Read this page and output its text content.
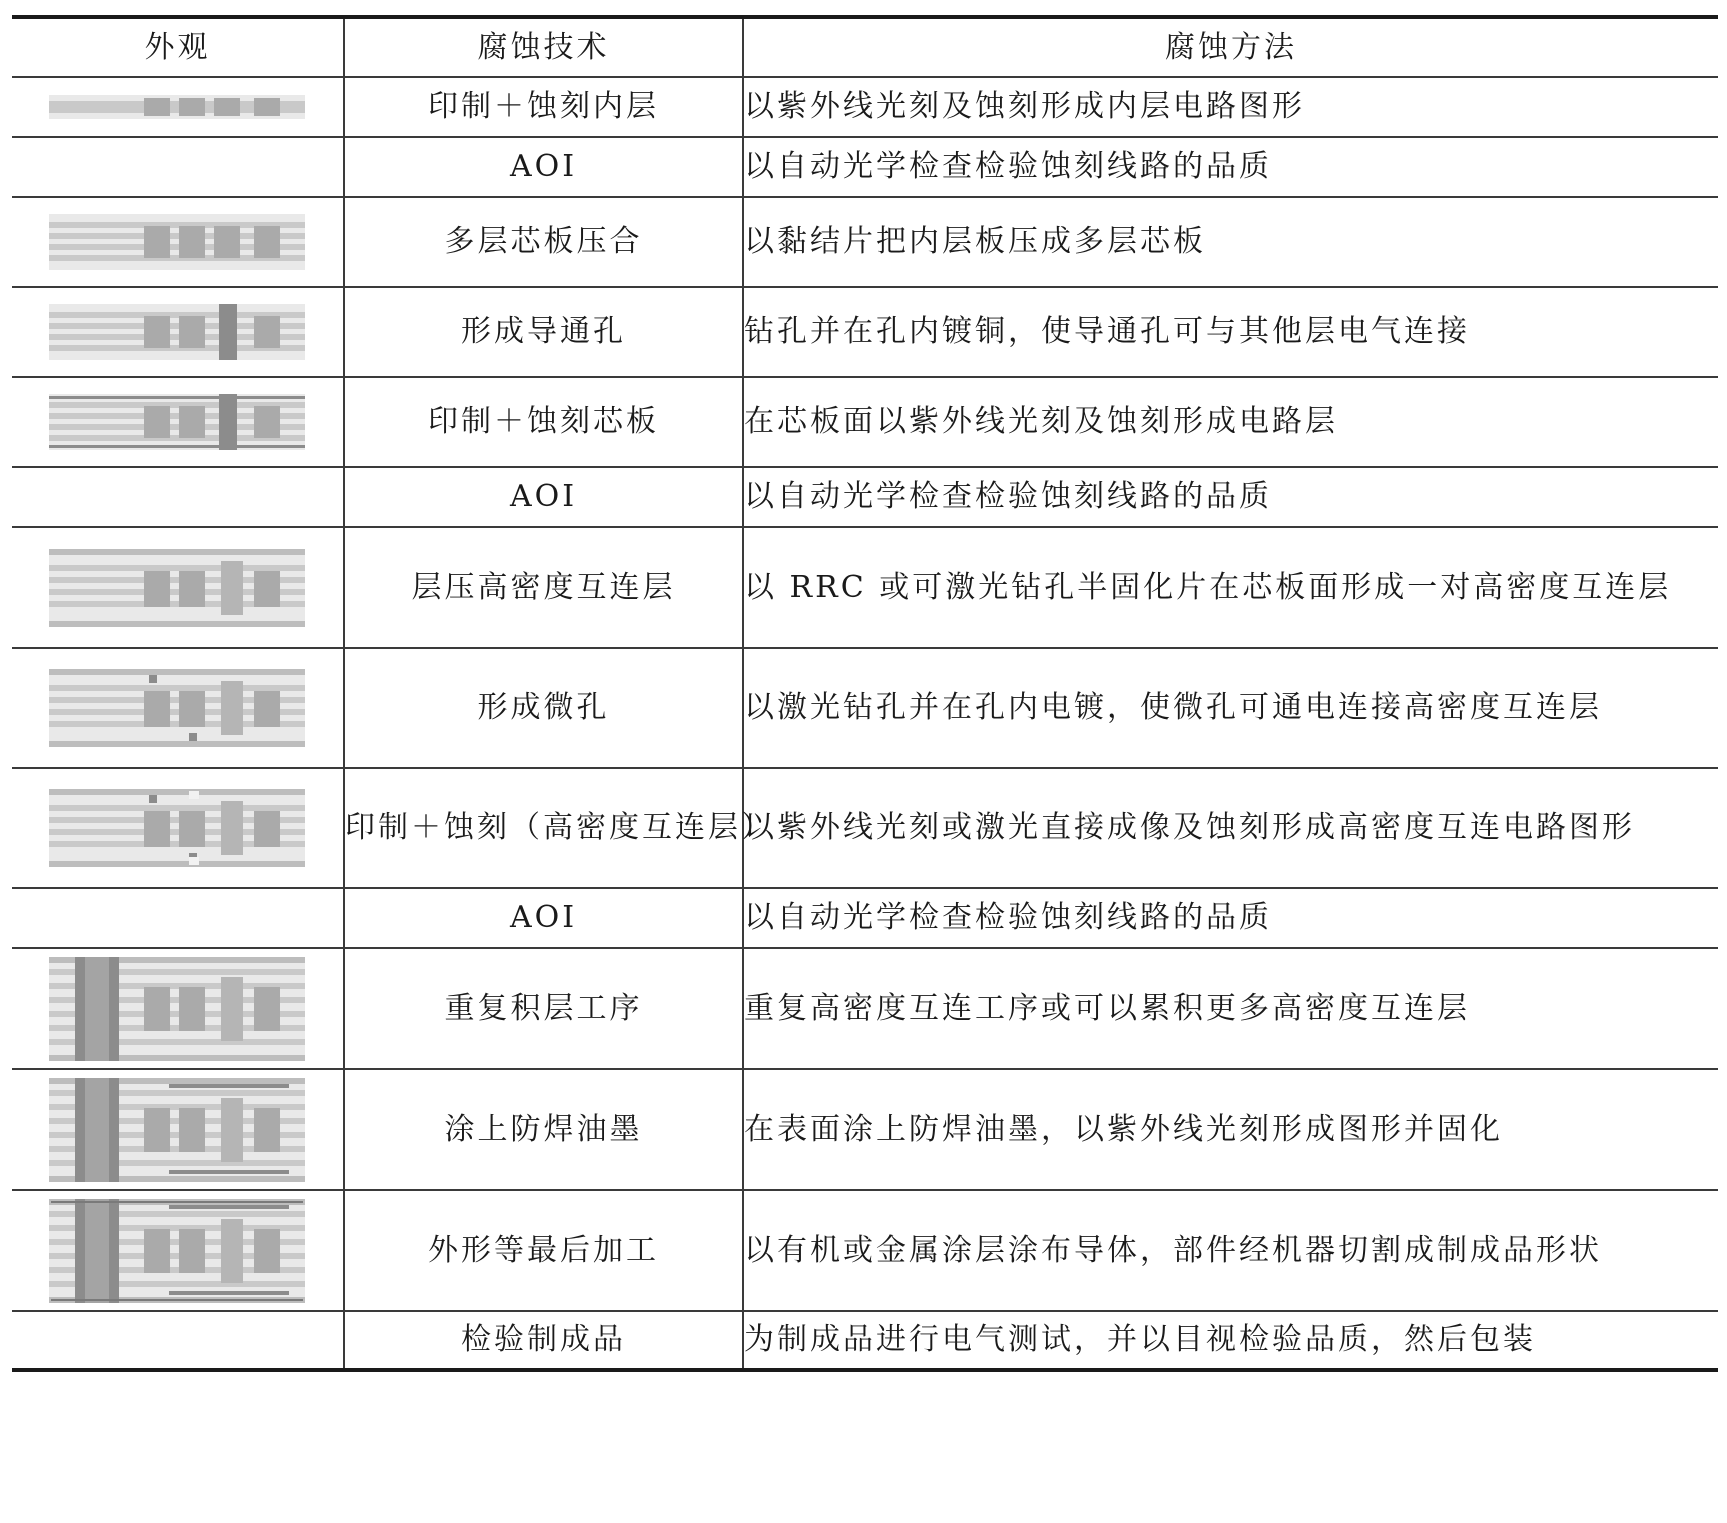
外观	腐蚀技术	腐蚀方法

	印制＋蚀刻内层	以紫外线光刻及蚀刻形成内层电路图形
	AOI	以自动光学检查检验蚀刻线路的品质

	多层芯板压合	以黏结片把内层板压成多层芯板

	形成导通孔	钻孔并在孔内镀铜，使导通孔可与其他层电气连接

	印制＋蚀刻芯板	在芯板面以紫外线光刻及蚀刻形成电路层
	AOI	以自动光学检查检验蚀刻线路的品质

	层压高密度互连层	以 RRC 或可激光钻孔半固化片在芯板面形成一对高密度互连层

	形成微孔	以激光钻孔并在孔内电镀，使微孔可通电连接高密度互连层

	印制＋蚀刻（高密度互连层）	以紫外线光刻或激光直接成像及蚀刻形成高密度互连电路图形
	AOI	以自动光学检查检验蚀刻线路的品质

	重复积层工序	重复高密度互连工序或可以累积更多高密度互连层

	涂上防焊油墨	在表面涂上防焊油墨，以紫外线光刻形成图形并固化

	外形等最后加工	以有机或金属涂层涂布导体，部件经机器切割成制成品形状
	检验制成品	为制成品进行电气测试，并以目视检验品质，然后包装
